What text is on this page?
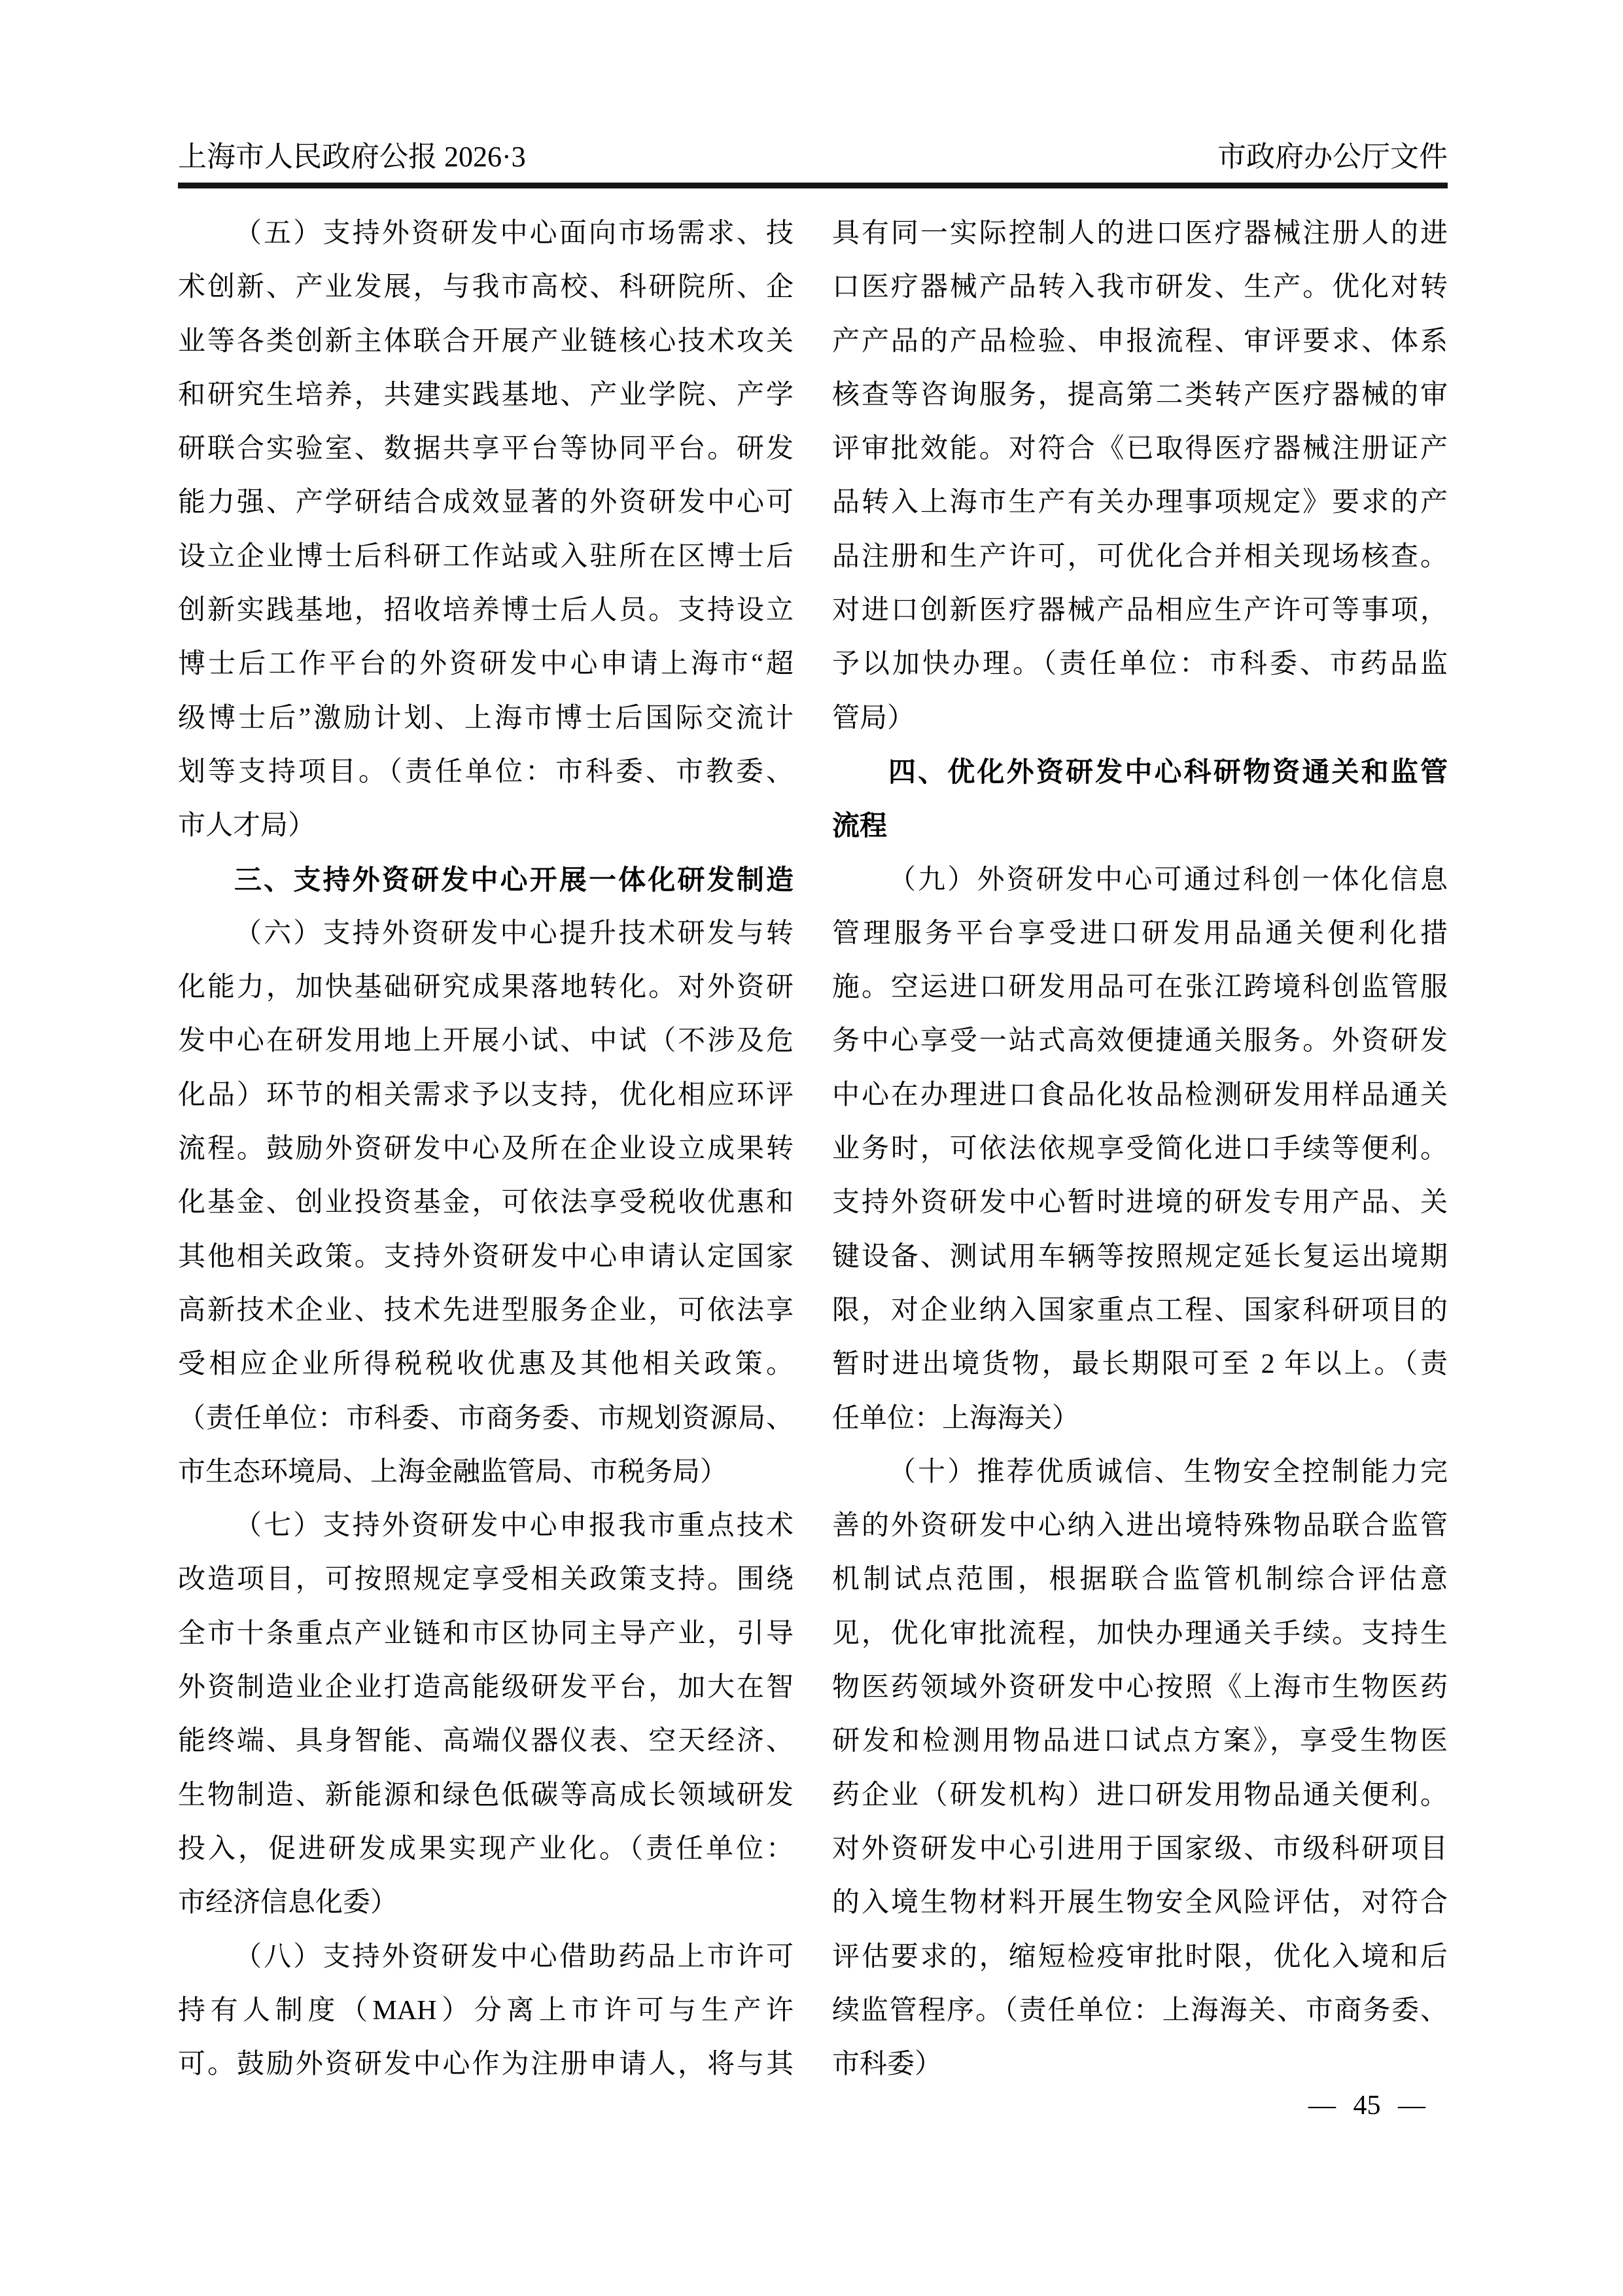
上海市人民政府公报 2026·3	市政府办公厅文件
（五）支持外资研发中心面向市场需求、技
术创新、产业发展，与我市高校、科研院所、企
业等各类创新主体联合开展产业链核心技术攻关
和研究生培养，共建实践基地、产业学院、产学
研联合实验室、数据共享平台等协同平台。研发
能力强、产学研结合成效显著的外资研发中心可
设立企业博士后科研工作站或入驻所在区博士后
创新实践基地，招收培养博士后人员。支持设立
博士后工作平台的外资研发中心申请上海市“超
级博士后”激励计划、上海市博士后国际交流计
划等支持项目。（责任单位：市科委、市教委、
市人才局）
三、支持外资研发中心开展一体化研发制造
（六）支持外资研发中心提升技术研发与转
化能力，加快基础研究成果落地转化。对外资研
发中心在研发用地上开展小试、中试（不涉及危
化品）环节的相关需求予以支持，优化相应环评
流程。鼓励外资研发中心及所在企业设立成果转
化基金、创业投资基金，可依法享受税收优惠和
其他相关政策。支持外资研发中心申请认定国家
高新技术企业、技术先进型服务企业，可依法享
受相应企业所得税税收优惠及其他相关政策。
（责任单位：市科委、市商务委、市规划资源局、
市生态环境局、上海金融监管局、市税务局）
（七）支持外资研发中心申报我市重点技术
改造项目，可按照规定享受相关政策支持。围绕
全市十条重点产业链和市区协同主导产业，引导
外资制造业企业打造高能级研发平台，加大在智
能终端、具身智能、高端仪器仪表、空天经济、
生物制造、新能源和绿色低碳等高成长领域研发
投入，促进研发成果实现产业化。（责任单位：
市经济信息化委）
（八）支持外资研发中心借助药品上市许可
持有人制度（MAH）分离上市许可与生产许
可。鼓励外资研发中心作为注册申请人，将与其
具有同一实际控制人的进口医疗器械注册人的进
口医疗器械产品转入我市研发、生产。优化对转
产产品的产品检验、申报流程、审评要求、体系
核查等咨询服务，提高第二类转产医疗器械的审
评审批效能。对符合《已取得医疗器械注册证产
品转入上海市生产有关办理事项规定》要求的产
品注册和生产许可，可优化合并相关现场核查。
对进口创新医疗器械产品相应生产许可等事项，
予以加快办理。（责任单位：市科委、市药品监
管局）
四、优化外资研发中心科研物资通关和监管
流程
（九）外资研发中心可通过科创一体化信息
管理服务平台享受进口研发用品通关便利化措
施。空运进口研发用品可在张江跨境科创监管服
务中心享受一站式高效便捷通关服务。外资研发
中心在办理进口食品化妆品检测研发用样品通关
业务时，可依法依规享受简化进口手续等便利。
支持外资研发中心暂时进境的研发专用产品、关
键设备、测试用车辆等按照规定延长复运出境期
限，对企业纳入国家重点工程、国家科研项目的
暂时进出境货物，最长期限可至 2 年以上。（责
任单位：上海海关）
（十）推荐优质诚信、生物安全控制能力完
善的外资研发中心纳入进出境特殊物品联合监管
机制试点范围，根据联合监管机制综合评估意
见，优化审批流程，加快办理通关手续。支持生
物医药领域外资研发中心按照《上海市生物医药
研发和检测用物品进口试点方案》，享受生物医
药企业（研发机构）进口研发用物品通关便利。
对外资研发中心引进用于国家级、市级科研项目
的入境生物材料开展生物安全风险评估，对符合
评估要求的，缩短检疫审批时限，优化入境和后
续监管程序。（责任单位：上海海关、市商务委、
市科委）
— 45 —
